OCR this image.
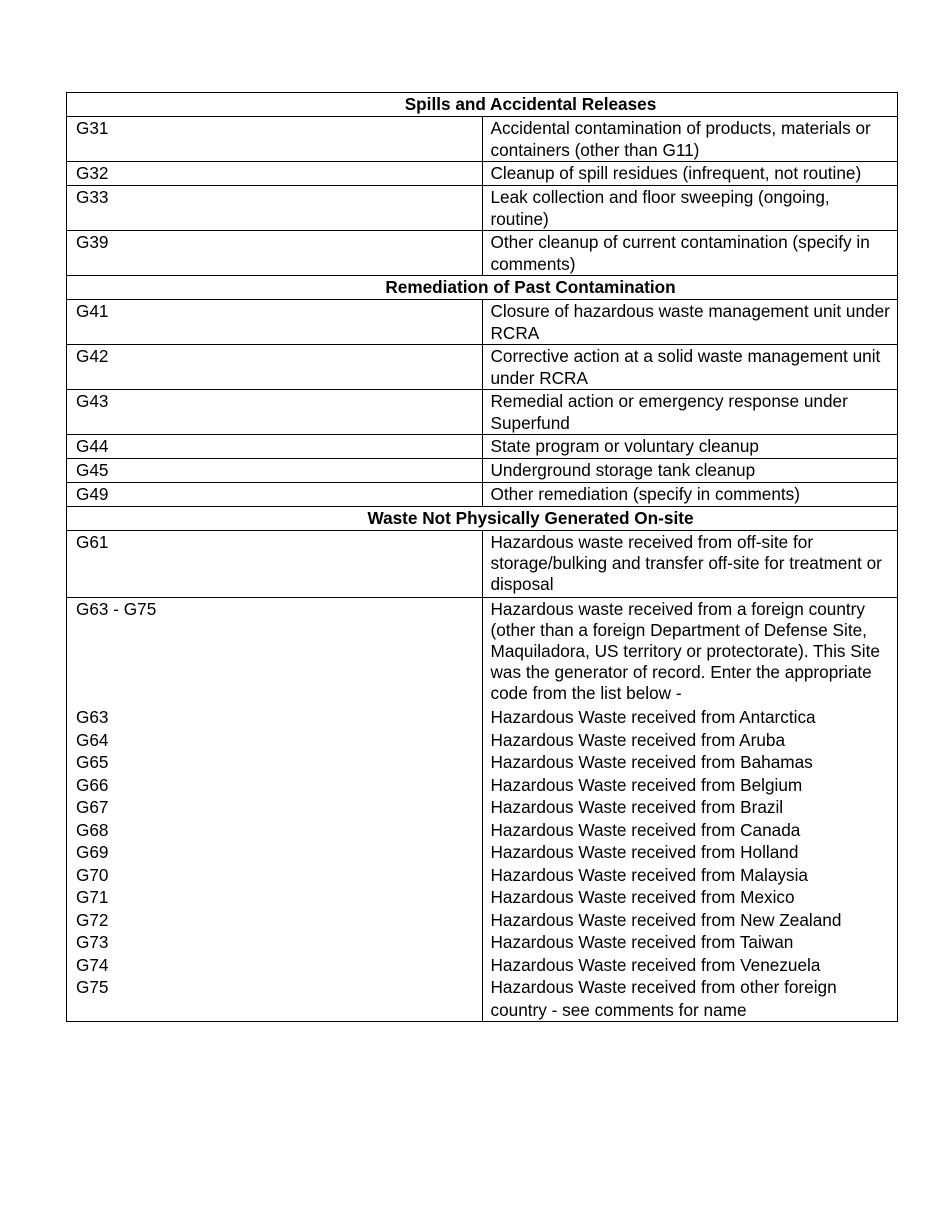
Spills and Accidental Releases	
G31	Accidental contamination of products, materials or containers (other than G11)
G32	Cleanup of spill residues (infrequent, not routine)
G33	Leak collection and floor sweeping (ongoing, routine)
G39	Other cleanup of current contamination (specify in comments)
Remediation of Past Contamination	
G41	Closure of hazardous waste management unit under RCRA
G42	Corrective action at a solid waste management unit under RCRA
G43	Remedial action or emergency response under Superfund
G44	State program or voluntary cleanup
G45	Underground storage tank cleanup
G49	Other remediation (specify in comments)
Waste Not Physically Generated On-site	
G61	Hazardous waste received from off-site for storage/bulking and transfer off-site for treatment or disposal
G63 - G75	Hazardous waste received from a foreign country (other than a foreign Department of Defense Site, Maquiladora, US territory or protectorate). This Site was the generator of record. Enter the appropriate code from the list below -
G63	Hazardous Waste received from Antarctica
G64	Hazardous Waste received from Aruba
G65	Hazardous Waste received from Bahamas
G66	Hazardous Waste received from Belgium
G67	Hazardous Waste received from Brazil
G68	Hazardous Waste received from Canada
G69	Hazardous Waste received from Holland
G70	Hazardous Waste received from Malaysia
G71	Hazardous Waste received from Mexico
G72	Hazardous Waste received from New Zealand
G73	Hazardous Waste received from Taiwan
G74	Hazardous Waste received from Venezuela
G75	Hazardous Waste received from other foreign country - see comments for name
